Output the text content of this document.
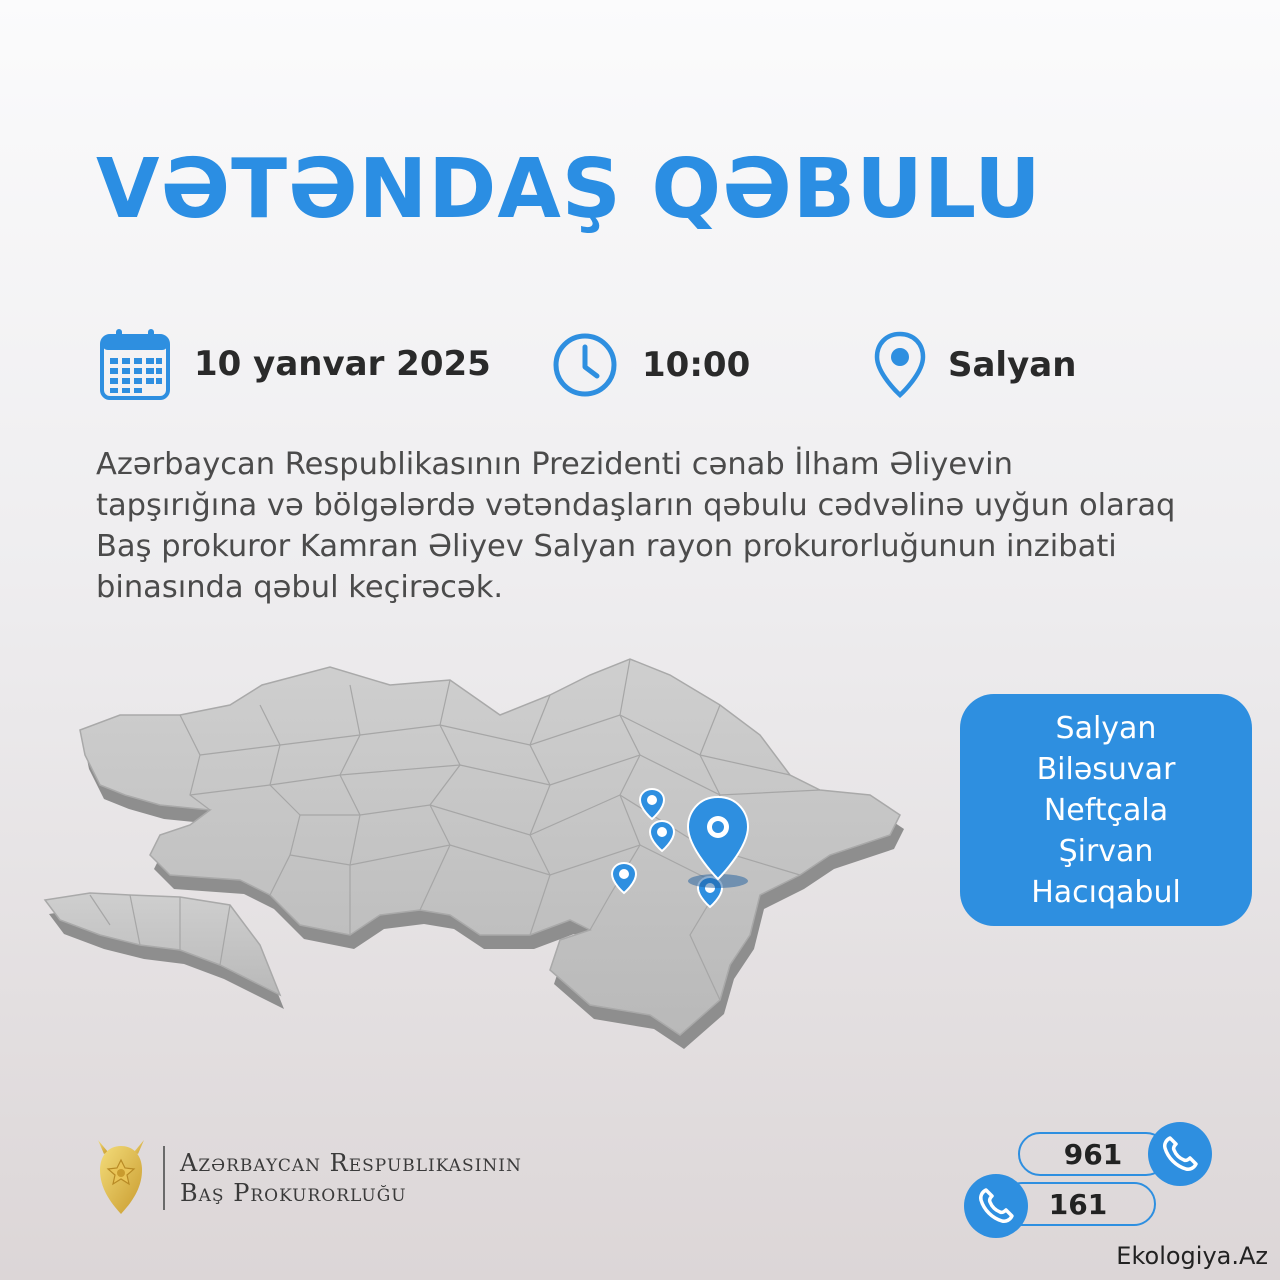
VƏTƏNDAŞ QƏBULU
10 yanvar 2025	10:00	Salyan

Azərbaycan Respublikasının Prezidenti cənab İlham Əliyevin tapşırığına və bölgələrdə vətəndaşların qəbulu cədvəlinə uyğun olaraq Baş prokuror Kamran Əliyev Salyan rayon prokurorluğunun inzibati binasında qəbul keçirəcək.

Salyan
Biləsuvar
Neftçala
Şirvan
Hacıqabul
Azərbaycan Respublikasının
Baş Prokurorluğu
961
161
Ekologiya.Az
